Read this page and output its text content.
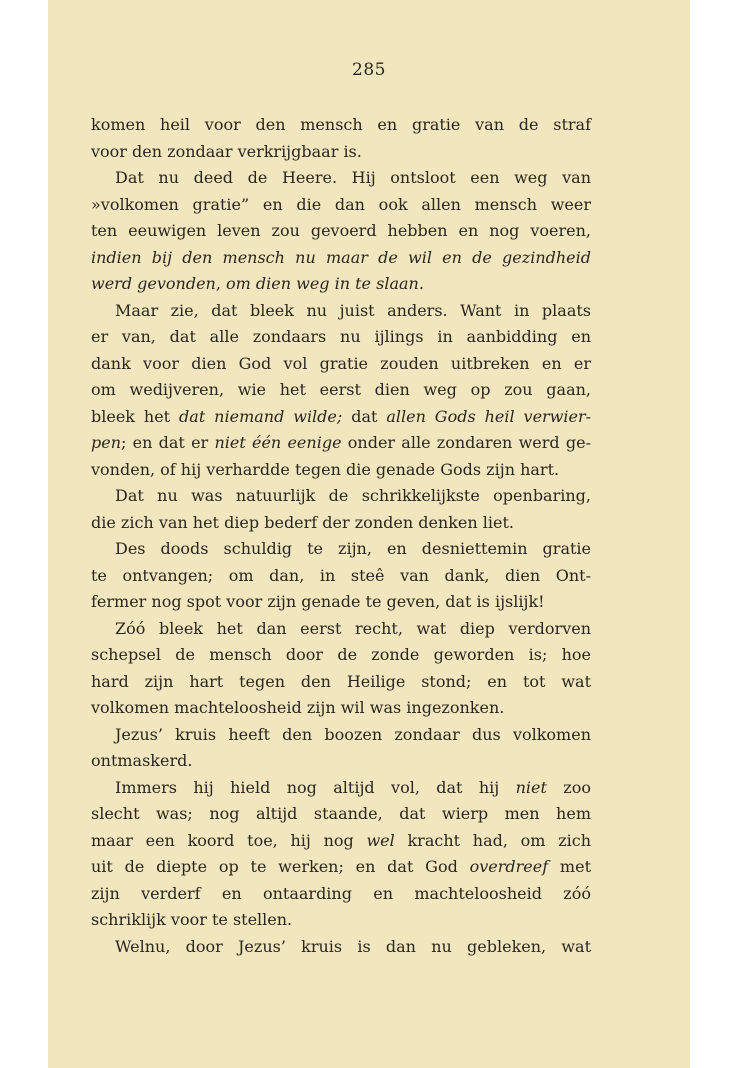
285
komen heil voor den mensch en gratie van de straf
voor den zondaar verkrijgbaar is.
Dat nu deed de Heere. Hij ontsloot een weg van
»volkomen gratie” en die dan ook allen mensch weer
ten eeuwigen leven zou gevoerd hebben en nog voeren,
indien bij den mensch nu maar de wil en de gezindheid
werd gevonden, om dien weg in te slaan.
Maar zie, dat bleek nu juist anders. Want in plaats
er van, dat alle zondaars nu ijlings in aanbidding en
dank voor dien God vol gratie zouden uitbreken en er
om wedijveren, wie het eerst dien weg op zou gaan,
bleek het dat niemand wilde; dat allen Gods heil verwier-
pen; en dat er niet één eenige onder alle zondaren werd ge-
vonden, of hij verhardde tegen die genade Gods zijn hart.
Dat nu was natuurlijk de schrikkelijkste openbaring,
die zich van het diep bederf der zonden denken liet.
Des doods schuldig te zijn, en desniettemin gratie
te ontvangen; om dan, in steê van dank, dien Ont-
fermer nog spot voor zijn genade te geven, dat is ijslijk!
Zóó bleek het dan eerst recht, wat diep verdorven
schepsel de mensch door de zonde geworden is; hoe
hard zijn hart tegen den Heilige stond; en tot wat
volkomen machteloosheid zijn wil was ingezonken.
Jezus’ kruis heeft den boozen zondaar dus volkomen
ontmaskerd.
Immers hij hield nog altijd vol, dat hij niet zoo
slecht was; nog altijd staande, dat wierp men hem
maar een koord toe, hij nog wel kracht had, om zich
uit de diepte op te werken; en dat God overdreef met
zijn verderf en ontaarding en machteloosheid zóó
schriklijk voor te stellen.
Welnu, door Jezus’ kruis is dan nu gebleken, wat
